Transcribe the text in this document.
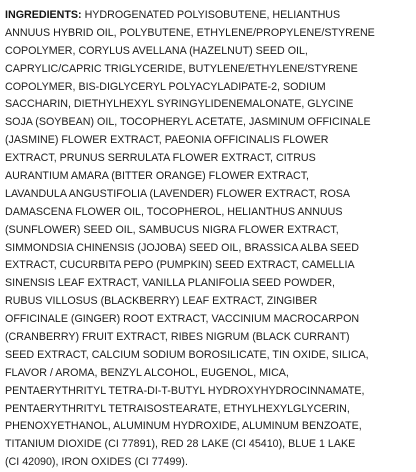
INGREDIENTS: HYDROGENATED POLYISOBUTENE, HELIANTHUS
ANNUUS HYBRID OIL, POLYBUTENE, ETHYLENE/PROPYLENE/STYRENE
COPOLYMER, CORYLUS AVELLANA (HAZELNUT) SEED OIL,
CAPRYLIC/CAPRIC TRIGLYCERIDE, BUTYLENE/ETHYLENE/STYRENE
COPOLYMER, BIS-DIGLYCERYL POLYACYLADIPATE-2, SODIUM
SACCHARIN, DIETHYLHEXYL SYRINGYLIDENEMALONATE, GLYCINE
SOJA (SOYBEAN) OIL, TOCOPHERYL ACETATE, JASMINUM OFFICINALE
(JASMINE) FLOWER EXTRACT, PAEONIA OFFICINALIS FLOWER
EXTRACT, PRUNUS SERRULATA FLOWER EXTRACT, CITRUS
AURANTIUM AMARA (BITTER ORANGE) FLOWER EXTRACT,
LAVANDULA ANGUSTIFOLIA (LAVENDER) FLOWER EXTRACT, ROSA
DAMASCENA FLOWER OIL, TOCOPHEROL, HELIANTHUS ANNUUS
(SUNFLOWER) SEED OIL, SAMBUCUS NIGRA FLOWER EXTRACT,
SIMMONDSIA CHINENSIS (JOJOBA) SEED OIL, BRASSICA ALBA SEED
EXTRACT, CUCURBITA PEPO (PUMPKIN) SEED EXTRACT, CAMELLIA
SINENSIS LEAF EXTRACT, VANILLA PLANIFOLIA SEED POWDER,
RUBUS VILLOSUS (BLACKBERRY) LEAF EXTRACT, ZINGIBER
OFFICINALE (GINGER) ROOT EXTRACT, VACCINIUM MACROCARPON
(CRANBERRY) FRUIT EXTRACT, RIBES NIGRUM (BLACK CURRANT)
SEED EXTRACT, CALCIUM SODIUM BOROSILICATE, TIN OXIDE, SILICA,
FLAVOR / AROMA, BENZYL ALCOHOL, EUGENOL, MICA,
PENTAERYTHRITYL TETRA-DI-T-BUTYL HYDROXYHYDROCINNAMATE,
PENTAERYTHRITYL TETRAISOSTEARATE, ETHYLHEXYLGLYCERIN,
PHENOXYETHANOL, ALUMINUM HYDROXIDE, ALUMINUM BENZOATE,
TITANIUM DIOXIDE (CI 77891), RED 28 LAKE (CI 45410), BLUE 1 LAKE
(CI 42090), IRON OXIDES (CI 77499).
